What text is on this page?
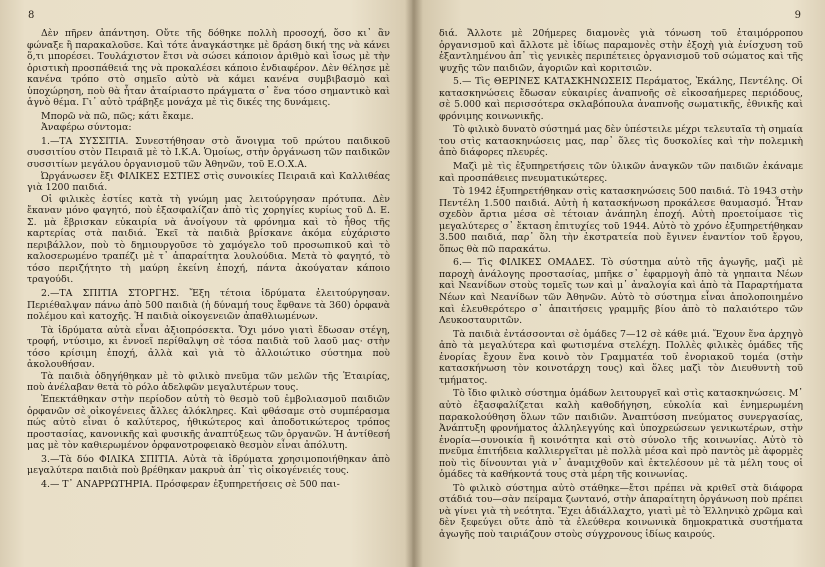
8

Δὲν πῆρεν ἀπάντηση. Οὔτε τῆς δόθηκε πολλὴ προσοχή, ὅσο κι᾿ ἂν φώναξε ἢ παρακαλοῦσε. Καὶ τότε ἀναγκάστηκε μὲ δράση δική της νὰ κάνει ὅ,τι μπορέσει. Τουλάχιστον ἔτσι νὰ σώσει κάποιον ἀριθμὸ καὶ ἴσως μὲ τὴν ὁριστικὴ προσπάθειά της νὰ προκαλέσει κάποιο ἐνδιαφέρον. Δὲν θέλησε μὲ κανένα τρόπο στὸ σημεῖο αὐτὸ νὰ κάμει κανένα συμβιβασμὸ καὶ ὑποχώρηση, ποὺ θὰ ἦταν ἀταίριαστο πράγματα σ᾿ ἕνα τόσο σημαντικὸ καὶ ἁγνὸ θέμα. Γι᾿ αὐτὸ τράβηξε μονάχα μὲ τὶς δικές της δυνάμεις.

Μπορῶ νὰ πῶ, πῶς; κάτι ἔκαμε.

Ἀναφέρω σύντομα:

1.—ΤΑ ΣΥΣΣΙΤΙΑ. Συνεστήθησαν στὸ ἄνοιγμα τοῦ πρώτου παιδικοῦ συσσιτίου στὸν Πειραιᾶ μὲ τὸ Ι.Κ.Α. Ὁμοίως, στὴν ὀργάνωση τῶν παιδικῶν συσσιτίων μεγάλου ὀργανισμοῦ τῶν Ἀθηνῶν, τοῦ Ε.Ο.Χ.Α.

Ὠργάνωσεν ἔξι ΦΙΛΙΚΕΣ ΕΣΤΙΕΣ στὶς συνοικίες Πειραιᾶ καὶ Καλλιθέας γιὰ 1200 παιδιά.

Οἱ φιλικὲς ἑστίες κατὰ τὴ γνώμη μας λειτούργησαν πρότυπα. Δὲν ἔκαναν μόνο φαγητό, ποὺ ἐξασφαλίζαν ἀπὸ τὶς χορηγίες κυρίως τοῦ Δ. Ε. Σ. μὰ ἔβρισκαν εὐκαιρία νὰ ἀνοίγουν τὰ φρόνημα καὶ τὸ ἦθος τῆς καρτερίας στὰ παιδιά. Ἐκεῖ τὰ παιδιὰ βρίσκανε ἀκόμα εὐχάριστο περιβάλλον, ποὺ τὸ δημιουργοῦσε τὸ χαμόγελο τοῦ προσωπικοῦ καὶ τὸ καλοσερωμένο τραπέζι μὲ τ᾿ ἀπαραίτητα λουλούδια. Μετὰ τὸ φαγητό, τὸ τόσο περιζήτητο τὴ μαύρη ἐκείνη ἐποχή, πάντα ἀκούγαταν κάποιο τραγούδι.

2.—ΤΑ ΣΠΙΤΙΑ ΣΤΟΡΓΗΣ. Ἔξη τέτοια ἱδρύματα ἐλειτούργησαν. Περιέθαλψαν πάνω ἀπὸ 500 παιδιὰ (ἡ δύναμή τους ἔφθανε τὰ 360) ὀρφανὰ πολέμου καὶ κατοχῆς. Ἡ παιδιὰ οἰκογενειῶν ἀπαθλιωμένων.

Τὰ ἱδρύματα αὐτὰ εἶναι ἀξιοπρόσεκτα. Ὄχι μόνο γιατὶ ἔδωσαν στέγη, τροφή, ντύσιμο, κι ἐννοεῖ περίθαλψη σὲ τόσα παιδιὰ τοῦ λαοῦ μας· στὴν τόσο κρίσιμη ἐποχή, ἀλλὰ καὶ γιὰ τὸ ἀλλοιώτικο σύστημα ποὺ ἀκολουθήσαν.

Τὰ παιδιὰ ὁδηγήθηκαν μὲ τὸ φιλικὸ πνεῦμα τῶν μελῶν τῆς Ἑταιρίας, ποὺ ἀνέλαβαν θετὰ τὸ ρόλο ἀδελφῶν μεγαλυτέρων τους.

Ἐπεκτάθηκαν στὴν περίοδον αὐτὴ τὸ θεσμὸ τοῦ ἐμβολιασμοῦ παιδιῶν ὀρφανῶν σὲ οἰκογένειες ἄλλες ἀλόκληρες. Καὶ φθάσαμε στὸ συμπέρασμα πώς αὐτὸ εἶναι ὁ καλύτερος, ἠθικώτερος καὶ ἀποδοτικώτερος τρόπος προστασίας, κανονικῆς καὶ φυσικῆς ἀναπτύξεως τῶν ὀργανῶν. Ἡ ἀντίθεσή μας μὲ τὸν καθιερωμένον ὀρφανοτροφειακὸ θεσμὸν εἶναι ἀπόλυτη.

3.—Τὰ δύο ΦΙΛΙΚΑ ΣΠΙΤΙΑ. Αὐτὰ τὰ ἱδρύματα χρησιμοποιήθηκαν ἀπὸ μεγαλύτερα παιδιὰ ποὺ βρέθηκαν μακρυὰ ἀπ᾿ τὶς οἰκογένειές τους.

4.— Τ᾿ ΑΝΑΡΡΩΤΗΡΙΑ. Πρόσφεραν ἐξυπηρετήσεις σὲ 500 παι-

9

διά. Ἄλλοτε μὲ 20ήμερες διαμονὲς γιὰ τόνωση τοῦ ἐταιμόρροπου ὀργανισμοῦ καὶ ἄλλοτε μὲ ἰδίως παραμονὲς στὴν ἐξοχὴ γιὰ ἐνίσχυση τοῦ ἐξαντλημένου ἀπ᾿ τὶς γενικὲς περιπέτειες ὀργανισμοῦ τοῦ σώματος καὶ τῆς ψυχῆς τῶν παιδιῶν, ἀγοριῶν καὶ κοριτσιῶν.

5.— Τὶς ΘΕΡΙΝΕΣ ΚΑΤΑΣΚΗΝΩΣΕΙΣ Περάματος, Ἐκάλης, Πεντέλης. Οἱ κατασκηνώσεις ἔδωσαν εὐκαιρίες ἀναπνοῆς σὲ εἰκοσαήμερες περιόδους, σὲ 5.000 καὶ περισσότερα σκλαβόπουλα ἀναπνοῆς σωματικῆς, ἐθνικῆς καὶ φρόνιμης κοινωνικῆς.

Τὸ φιλικὸ δυνατὸ σύστημά μας δὲν ὑπέστειλε μέχρι τελευταῖα τὴ σημαία του στὶς κατασκηνώσεις μας, παρ᾿ ὅλες τὶς δυσκολίες καὶ τὴν πολεμικὴ ἀπὸ διάφορες πλευρές.

Μαζὶ μὲ τὶς ἐξυπηρετήσεις τῶν ὑλικῶν ἀναγκῶν τῶν παιδιῶν ἐκάναμε καὶ προσπάθειες πνευματικώτερες.

Τὸ 1942 ἐξυπηρετήθηκαν στὶς κατασκηνώσεις 500 παιδιά. Τὸ 1943 στὴν Πεντέλη 1.500 παιδιά. Αὐτὴ ἡ κατασκήνωση προκάλεσε θαυμασμό. Ἦταν σχεδὸν ἄρτια μέσα σὲ τέτοιαν ἀνάπηλη ἐποχή. Αὐτὴ προετοίμασε τὶς μεγαλύτερες σ᾿ ἔκταση ἐπιτυχίες τοῦ 1944. Αὐτὸ τὸ χρόνο ἐξυπηρετήθηκαν 3.500 παιδιά, παρ᾿ ὅλη τὴν ἐκστρατεία ποὺ ἔγινεν ἐναντίον τοῦ ἔργου, ὅπως θὰ πῶ παρακάτω.

6.— Τὶς ΦΙΛΙΚΕΣ ΟΜΑΔΕΣ. Τὸ σύστημα αὐτὸ τῆς ἀγωγῆς, μαζὶ μὲ παροχὴ ἀνάλογης προστασίας, μπῆκε σ᾿ ἐφαρμογὴ ἀπὸ τὰ γηπαιτα Νέων καὶ Νεανίδων στοὺς τομεῖς των καὶ μ᾿ ἀναλογία καὶ ἀπὸ τὰ Παραρτήματα Νέων καὶ Νεανίδων τῶν Ἀθηνῶν. Αὐτὸ τὸ σύστημα εἶναι ἀπολοποιημένο καὶ ἐλευθερότερο σ᾿ ἀπαιτήσεις γραμμῆς βίου ἀπὸ τὸ παλαιότερο τῶν Λευκοσταυριτῶν.

Τὰ παιδιὰ ἐντάσσονται σὲ ὁμάδες 7—12 σὲ κάθε μιά. Ἔχουν ἕνα ἀρχηγὸ ἀπὸ τὰ μεγαλύτερα καὶ φωτισμένα στελέχη. Πολλὲς φιλικὲς ὁμάδες τῆς ἐνορίας ἔχουν ἕνα κοινὸ τὸν Γραμματέα τοῦ ἐνοριακοῦ τομέα (στὴν κατασκήνωση τὸν κοινοτάρχη τους) καὶ ὅλες μαζὶ τὸν Διευθυντὴ τοῦ τμήματος.

Τὸ ἴδιο φιλικὸ σύστημα ὁμάδων λειτουργεῖ καὶ στὶς κατασκηνώσεις. Μ᾿ αὐτὸ ἐξασφαλίζεται καλὴ καθοδήγηση, εὐκολία καὶ ἐνημερωμένη παρακολούθηση ὅλων τῶν παιδιῶν. Ἀναπτύσση πνεύματος συνεργασίας, Ἀνάπτυξη φρονήματος ἀλληλεγγύης καὶ ὑποχρεώσεων γενικωτέρων, στὴν ἐνορία—συνοικία ἢ κοινότητα καὶ στὸ σύνολο τῆς κοινωνίας. Αὐτὸ τὸ πνεῦμα ἐπιτήδεια καλλιεργεῖται μὲ πολλὰ μέσα καὶ πρὸ παντὸς μὲ ἀφορμὲς ποὺ τὶς δίνουνται γιὰ ν᾿ ἀναμιχθοῦν καὶ ἐκτελέσουν μὲ τὰ μέλη τους οἱ ὁμάδες τὰ καθήκοντά τους στὰ μέρη τῆς κοινωνίας.

Τὸ φιλικὸ σύστημα αὐτὸ στάθηκε—ἔτσι πρέπει νὰ κριθεῖ στὰ διάφορα στάδιά του—σὰν πείραμα ζωντανό, στὴν ἀπαραίτητη ὀργάνωση ποὺ πρέπει νὰ γίνει γιὰ τὴ νεότητα. Ἔχει ἀδιάλλαχτο, γιατὶ μὲ τὸ Ἑλληνικὸ χρῶμα καὶ δὲν ξεφεύγει οὔτε ἀπὸ τὰ ἐλεύθερα κοινωνικὰ δημοκρατικὰ συστήματα ἀγωγῆς ποὺ ταιριάζουν στοὺς σύγχρονους ἰδίως καιρούς.
